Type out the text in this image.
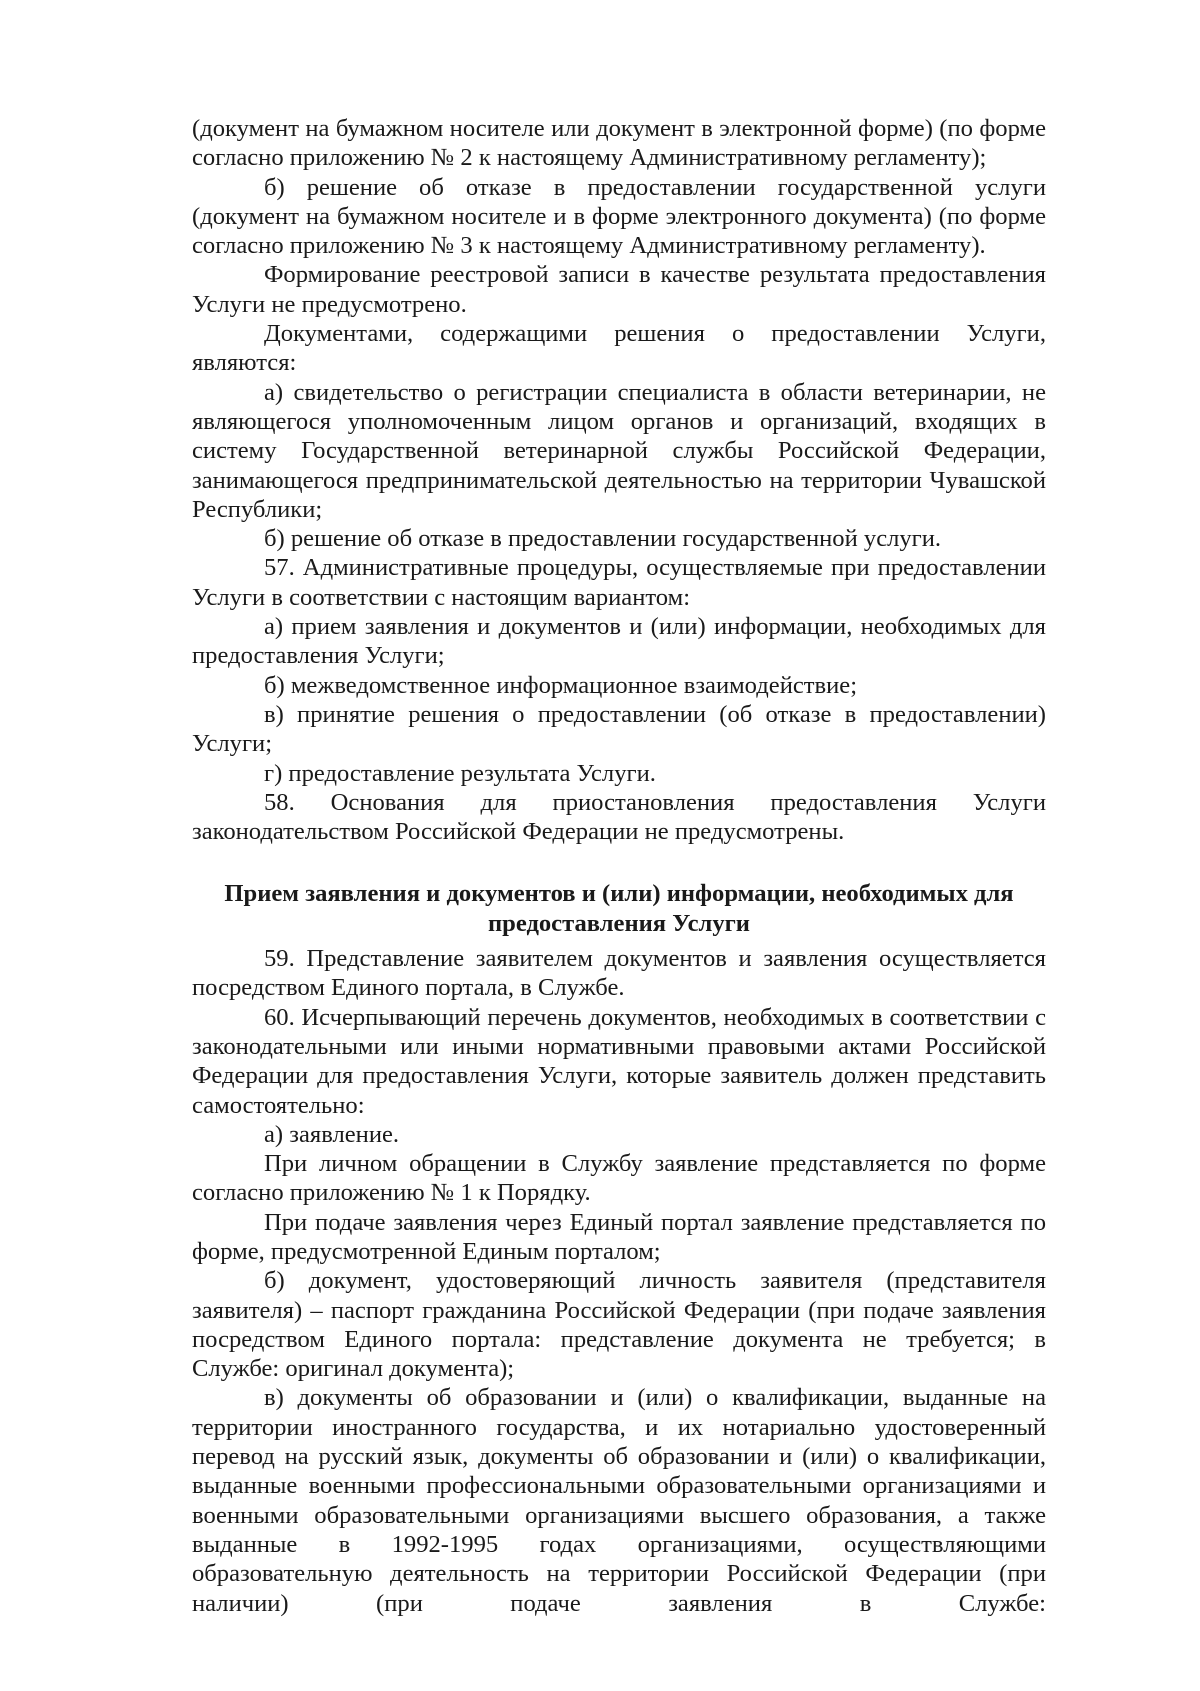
(документ на бумажном носителе или документ в электронной форме) (по форме согласно приложению № 2 к настоящему Административному регламенту);

б) решение об отказе в предоставлении государственной услуги (документ на бумажном носителе и в форме электронного документа) (по форме согласно приложению № 3 к настоящему Административному регламенту).

Формирование реестровой записи в качестве результата предоставления Услуги не предусмотрено.

Документами, содержащими решения о предоставлении Услуги, являются:

а) свидетельство о регистрации специалиста в области ветеринарии, не являющегося уполномоченным лицом органов и организаций, входящих в систему Государственной ветеринарной службы Российской Федерации, занимающегося предпринимательской деятельностью на территории Чувашской Республики;

б) решение об отказе в предоставлении государственной услуги.

57. Административные процедуры, осуществляемые при предоставлении Услуги в соответствии с настоящим вариантом:

а) прием заявления и документов и (или) информации, необходимых для предоставления Услуги;

б) межведомственное информационное взаимодействие;

в) принятие решения о предоставлении (об отказе в предоставлении) Услуги;

г) предоставление результата Услуги.

58. Основания для приостановления предоставления Услуги законодательством Российской Федерации не предусмотрены.

Прием заявления и документов и (или) информации, необходимых для

предоставления Услуги

59. Представление заявителем документов и заявления осуществляется посредством Единого портала, в Службе.

60. Исчерпывающий перечень документов, необходимых в соответствии с законодательными или иными нормативными правовыми актами Российской Федерации для предоставления Услуги, которые заявитель должен представить самостоятельно:

а) заявление.

При личном обращении в Службу заявление представляется по форме согласно приложению № 1 к Порядку.

При подаче заявления через Единый портал заявление представляется по форме, предусмотренной Единым порталом;

б) документ, удостоверяющий личность заявителя (представителя заявителя) – паспорт гражданина Российской Федерации (при подаче заявления посредством Единого портала: представление документа не требуется; в Службе: оригинал документа);

в) документы об образовании и (или) о квалификации, выданные на территории иностранного государства, и их нотариально удостоверенный перевод на русский язык, документы об образовании и (или) о квалификации, выданные военными профессиональными образовательными организациями и военными образовательными организациями высшего образования, а также выданные в 1992-1995 годах организациями, осуществляющими образовательную деятельность на территории Российской Федерации (при наличии) (при подаче заявления в Службе:
